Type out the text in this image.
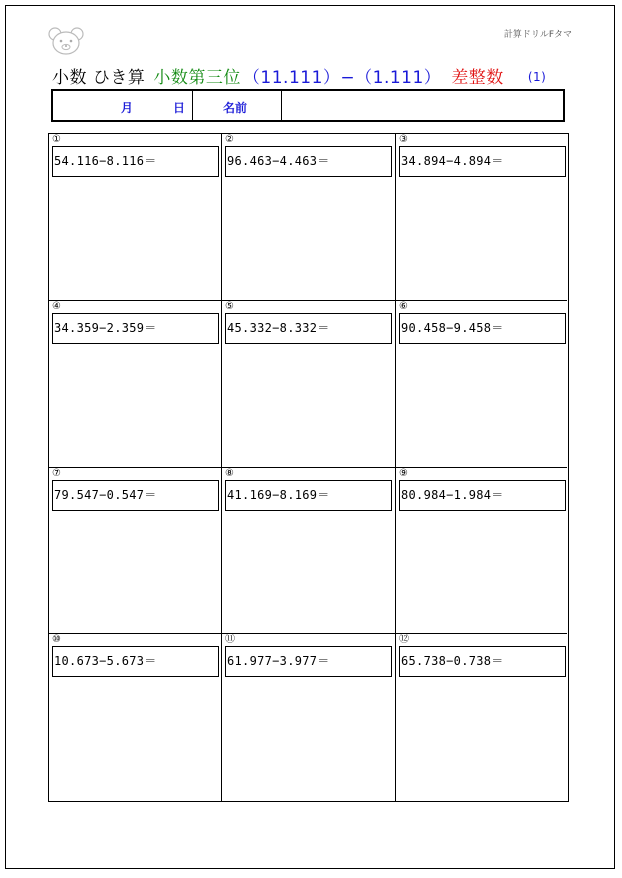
計算ドリルFタマ
小数 ひき算 小数第三位 （11.111）−（1.111） 差整数 (1)
月	日	名前
①
54.116−8.116＝
②
96.463−4.463＝
③
34.894−4.894＝
④
34.359−2.359＝
⑤
45.332−8.332＝
⑥
90.458−9.458＝
⑦
79.547−0.547＝
⑧
41.169−8.169＝
⑨
80.984−1.984＝
⑩
10.673−5.673＝
⑪
61.977−3.977＝
⑫
65.738−0.738＝
